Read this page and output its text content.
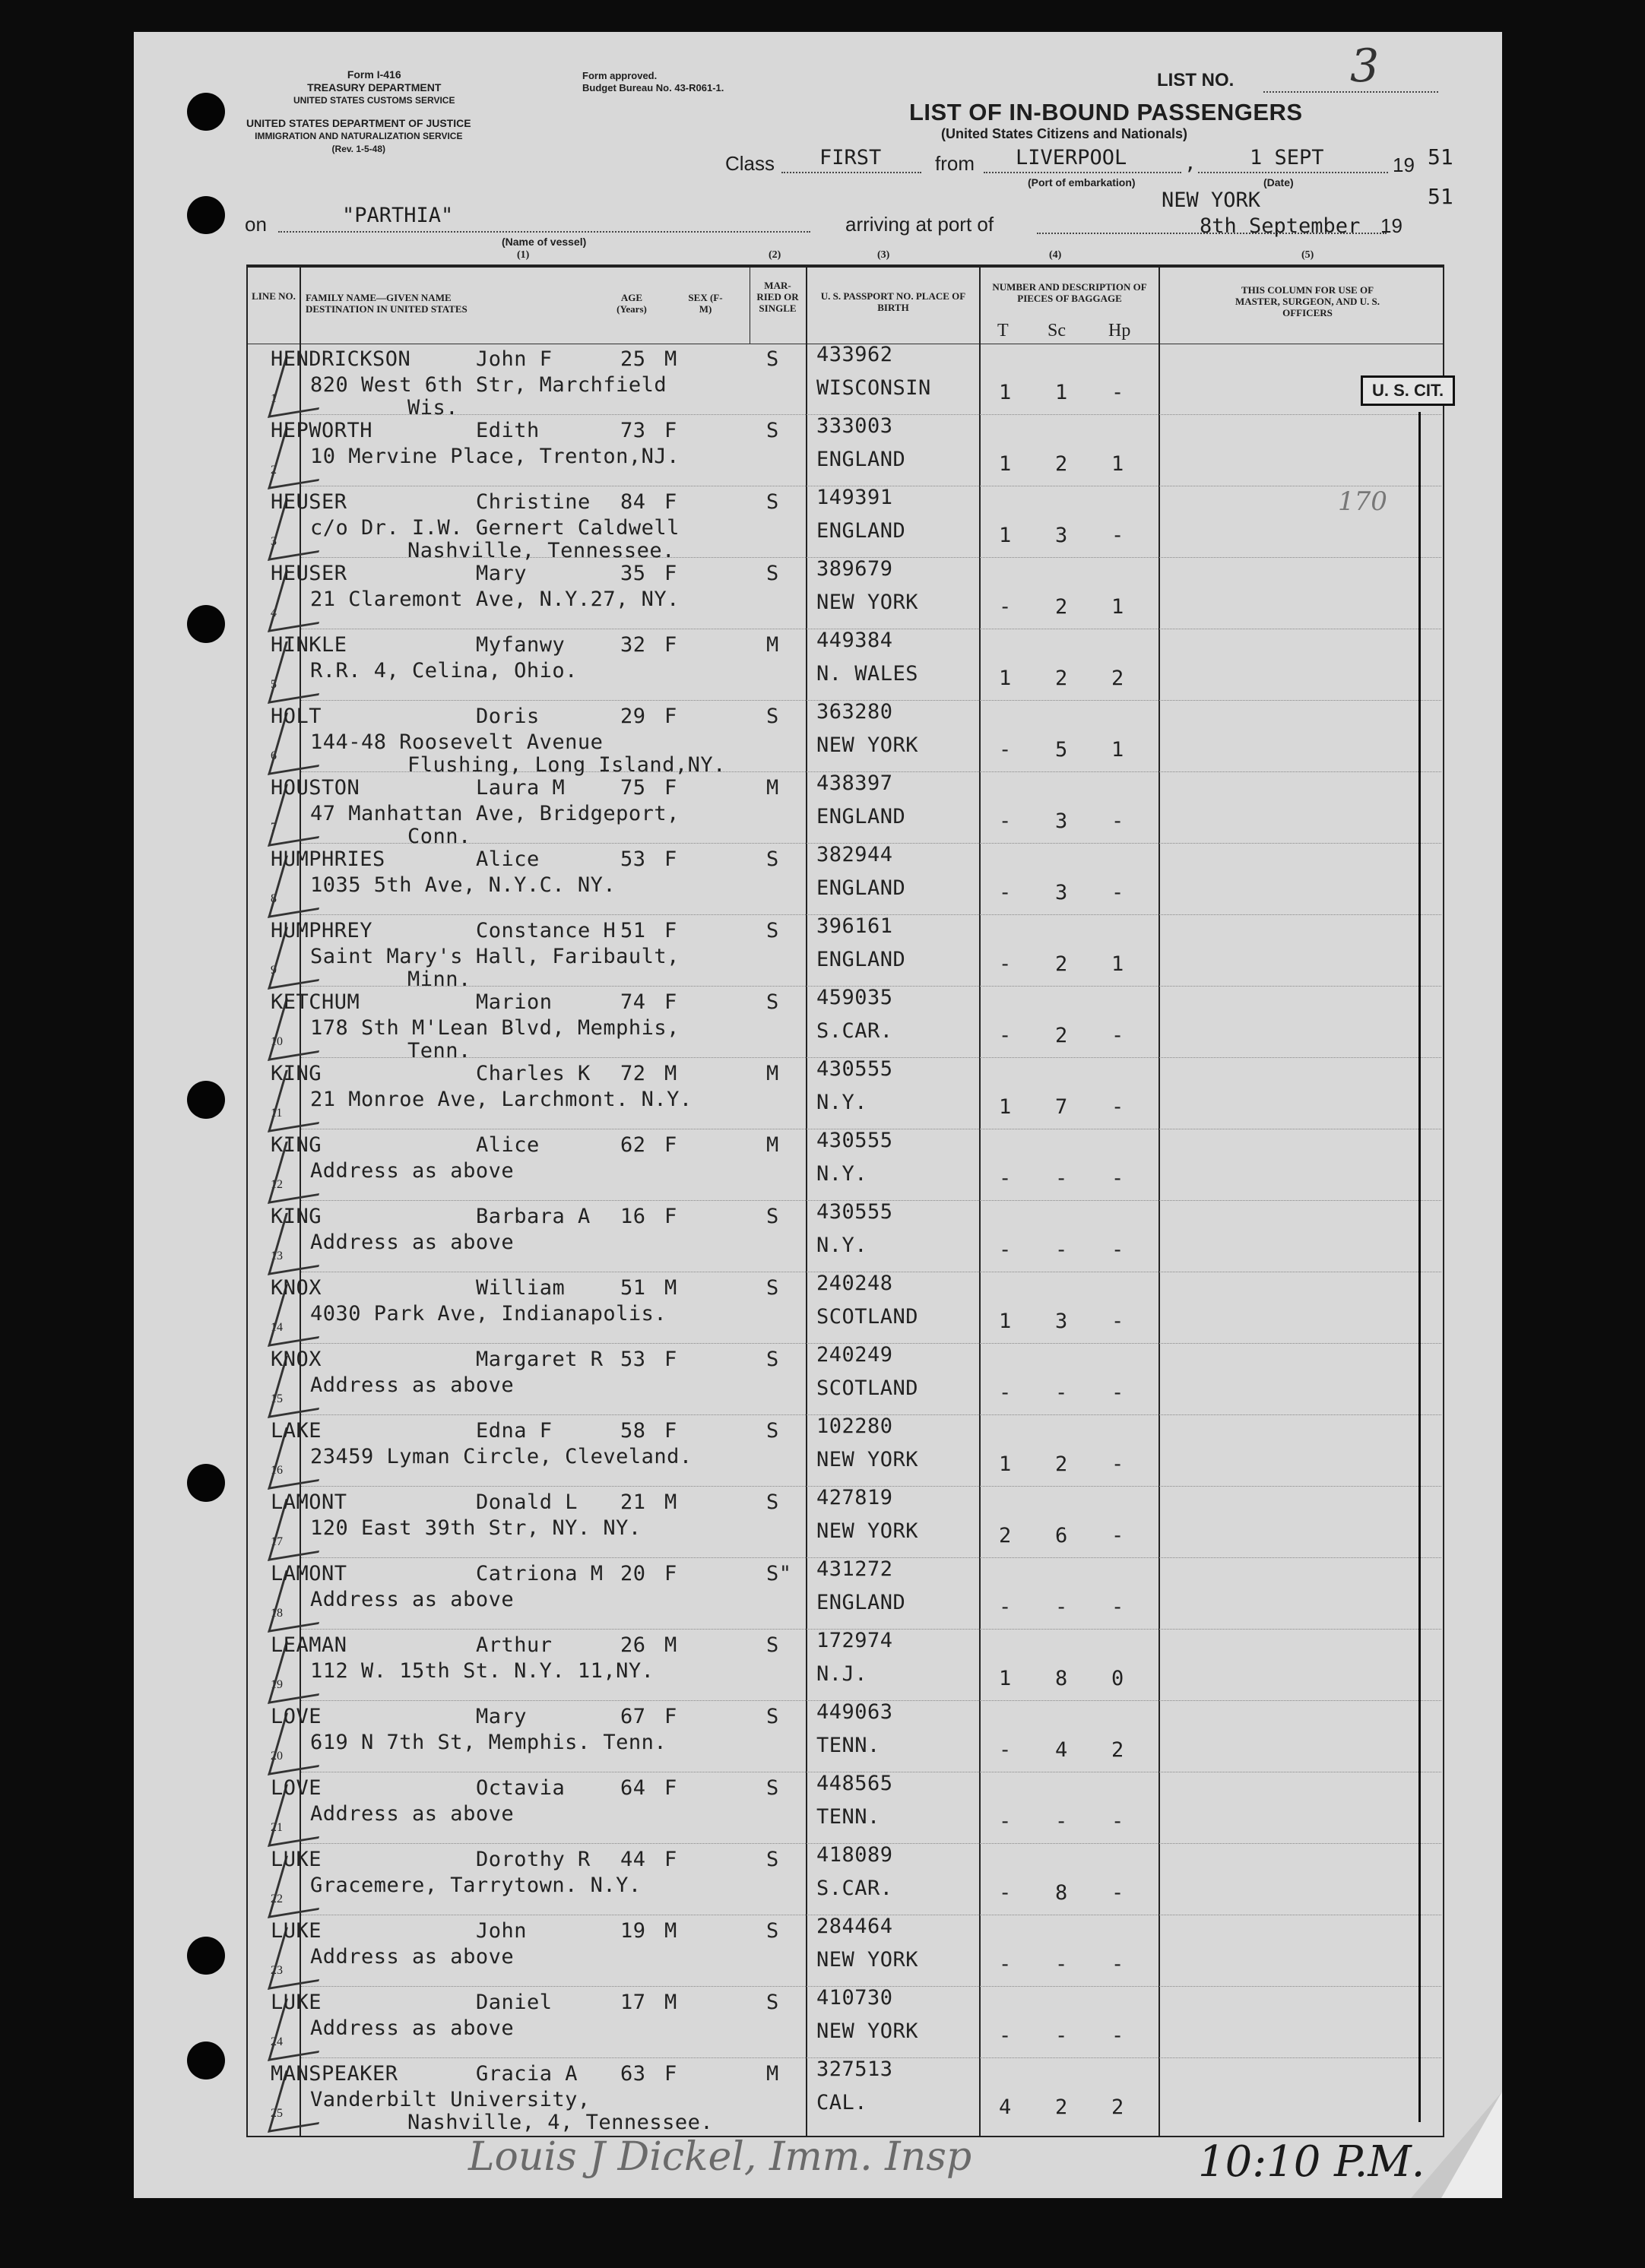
Form I-416
TREASURY DEPARTMENT
UNITED STATES CUSTOMS SERVICE
Form approved.
Budget Bureau No. 43-R061-1.
UNITED STATES DEPARTMENT OF JUSTICE
IMMIGRATION AND NATURALIZATION SERVICE
(Rev. 1-5-48)
LIST NO.	3
LIST OF IN-BOUND PASSENGERS
(United States Citizens and Nationals)
Class FIRST	from LIVERPOOL
(Port of embarkation)
,	1 SEPT
(Date)
19 51
on	"PARTHIA"
(Name of vessel)
arriving at port of
NEW YORK
8th September 19
51
(1)	(2)	(3)	(4)	(5)
LINE NO. FAMILY NAME—GIVEN NAME DESTINATION IN UNITED STATES
AGE (Years)
SEX (F-M)
MAR-RIED OR SINGLE
U. S. PASSPORT NO. PLACE OF BIRTH
NUMBER AND DESCRIPTION OF PIECES OF BAGGAGE
T Sc Hp
THIS COLUMN FOR USE OF MASTER, SURGEON, AND U. S. OFFICERS
1
HENDRICKSON	John F	25 M	S 433962
WISCONSIN	1 1 -
820 West 6th Str, Marchfield
Wis.
2
HEPWORTH	Edith	73 F	S 333003
ENGLAND	1 2 1
10 Mervine Place, Trenton,NJ.
3
HEUSER	Christine 84 F	S 149391
ENGLAND	1 3 -
c/o Dr. I.W. Gernert Caldwell
Nashville, Tennessee.
4
HEUSER	Mary	35 F	S 389679
NEW YORK	- 2 1
21 Claremont Ave, N.Y.27, NY.
5
HINKLE	Myfanwy	32 F	M 449384
N. WALES	1 2 2
R.R. 4, Celina, Ohio.
6
HOLT	Doris	29 F	S 363280
NEW YORK	- 5 1
144-48 Roosevelt Avenue
Flushing, Long Island,NY.
7
HOUSTON	Laura M	75 F	M 438397
ENGLAND	- 3 -
47 Manhattan Ave, Bridgeport,
Conn.
8
HUMPHRIES	Alice	53 F	S 382944
ENGLAND	- 3 -
1035 5th Ave, N.Y.C. NY.
9
HUMPHREY	Constance H 51 F	S 396161
ENGLAND	- 2 1
Saint Mary's Hall, Faribault,
Minn.
10
KETCHUM	Marion	74 F	S 459035
S.CAR.	- 2 -
178 Sth M'Lean Blvd, Memphis,
Tenn.
11
KING	Charles K 72 M	M 430555
N.Y.	1 7 -
21 Monroe Ave, Larchmont. N.Y.
12
KING	Alice	62 F	M 430555
N.Y.	- - -
Address as above
13
KING	Barbara A 16 F	S 430555
N.Y.	- - -
Address as above
14
KNOX	William	51 M	S 240248
SCOTLAND	1 3 -
4030 Park Ave, Indianapolis.
15
KNOX	Margaret R 53 F	S 240249
SCOTLAND	- - -
Address as above
16
LAKE	Edna F	58 F	S 102280
NEW YORK	1 2 -
23459 Lyman Circle, Cleveland.
17
LAMONT	Donald L 21 M	S 427819
NEW YORK	2 6 -
120 East 39th Str, NY. NY.
18
LAMONT	Catriona M 20 F	S" 431272
ENGLAND	- - -
Address as above
19
LEAMAN	Arthur	26 M	S 172974
N.J.	1 8 0
112 W. 15th St. N.Y. 11,NY.
20
LOVE	Mary	67 F	S 449063
TENN.	- 4 2
619 N 7th St, Memphis. Tenn.
21
LOVE	Octavia	64 F	S 448565
TENN.	- - -
Address as above
22
LUKE	Dorothy R 44 F	S 418089
S.CAR.	- 8 -
Gracemere, Tarrytown. N.Y.
23
LUKE	John	19 M	S 284464
NEW YORK	- - -
Address as above
24
LUKE	Daniel	17 M	S 410730
NEW YORK	- - -
Address as above
25
MANSPEAKER	Gracia A 63 F	M 327513
CAL.	4 2 2
Vanderbilt University,
Nashville, 4, Tennessee.
U. S. CIT.
170
Louis J Dickel, Imm. Insp	10:10 P.M.
